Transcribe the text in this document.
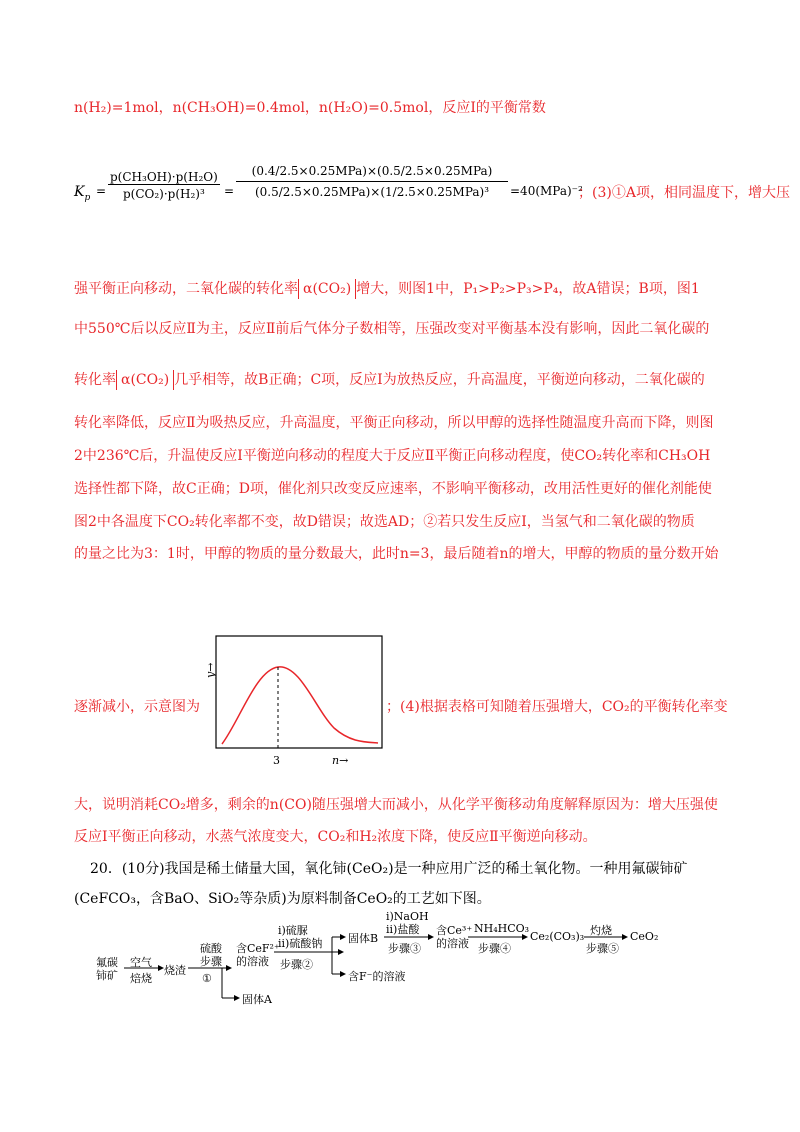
n(H₂)=1mol，n(CH₃OH)=0.4mol，n(H₂O)=0.5mol，反应Ⅰ的平衡常数
$K_p$ =
p(CH₃OH)·p(H₂O)
p(CO₂)·p(H₂)³	=
(0.4/2.5×0.25MPa)×(0.5/2.5×0.25MPa)
(0.5/2.5×0.25MPa)×(1/2.5×0.25MPa)³	=40(MPa)⁻²
；(3)①A项，相同温度下，增大压
强平衡正向移动，二氧化碳的转化率 α(CO₂) 增大，则图1中，P₁>P₂>P₃>P₄，故A错误；B项，图1
中550℃后以反应Ⅱ为主，反应Ⅱ前后气体分子数相等，压强改变对平衡基本没有影响，因此二氧化碳的
转化率 α(CO₂) 几乎相等，故B正确；C项，反应Ⅰ为放热反应，升高温度，平衡逆向移动，二氧化碳的
转化率降低，反应Ⅱ为吸热反应，升高温度，平衡正向移动，所以甲醇的选择性随温度升高而下降，则图
2中236℃后，升温使反应Ⅰ平衡逆向移动的程度大于反应Ⅱ平衡正向移动程度，使CO₂转化率和CH₃OH
选择性都下降，故C正确；D项，催化剂只改变反应速率，不影响平衡移动，改用活性更好的催化剂能使
图2中各温度下CO₂转化率都不变，故D错误；故选AD；②若只发生反应Ⅰ，当氢气和二氧化碳的物质
的量之比为3：1时，甲醇的物质的量分数最大，此时n=3，最后随着n的增大，甲醇的物质的量分数开始
逐渐减小，示意图为	；(4)根据表格可知随着压强增大，CO₂的平衡转化率变
y→
3	n→
大，说明消耗CO₂增多，剩余的n(CO)随压强增大而减小，从化学平衡移动角度解释原因为：增大压强使
反应Ⅰ平衡正向移动，水蒸气浓度变大，CO₂和H₂浓度下降，使反应Ⅱ平衡逆向移动。
20．(10分)我国是稀土储量大国，氧化铈(CeO₂)是一种应用广泛的稀土氧化物。一种用氟碳铈矿
(CeFCO₃，含BaO、SiO₂等杂质)为原料制备CeO₂的工艺如下图。
氟碳
铈矿
空气
焙烧
烧渣
硫酸
步骤
①
含CeF²⁺
的溶液
固体A
i)硫脲
ii)硫酸钠
步骤②
固体B
含F⁻的溶液
i)NaOH
ii)盐酸
步骤③
含Ce³⁺
的溶液
NH₄HCO₃
步骤④
Ce₂(CO₃)₃ 灼烧
步骤⑤
CeO₂
